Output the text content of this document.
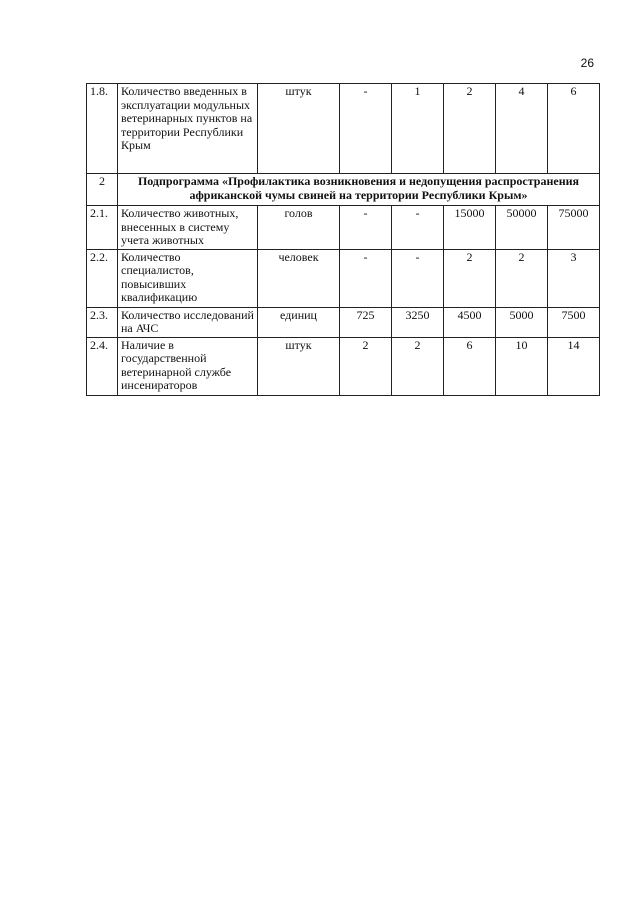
26
1.8.	Количество введенных в эксплуатации модульных ветеринарных пунктов на территории Республики Крым	штук	-	1	2	4	6
2	Подпрограмма «Профилактика возникновения и недопущения распространения африканской чумы свиней на территории Республики Крым»						
2.1.	Количество животных, внесенных в систему учета животных	голов	-	-	15000	50000	75000
2.2.	Количество специалистов, повысивших квалификацию	человек	-	-	2	2	3
2.3.	Количество исследований на АЧС	единиц	725	3250	4500	5000	7500
2.4.	Наличие в государственной ветеринарной службе инсенираторов	штук	2	2	6	10	14
